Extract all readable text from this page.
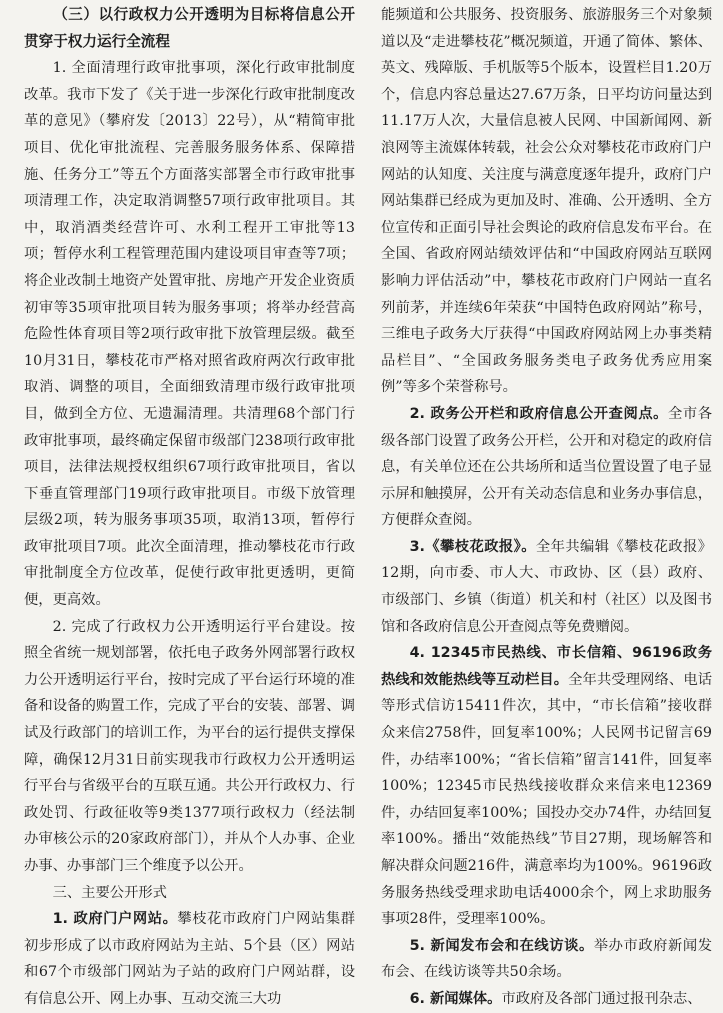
（三）以行政权力公开透明为目标将信息公开贯穿于权力运行全流程

1. 全面清理行政审批事项，深化行政审批制度改革。我市下发了《关于进一步深化行政审批制度改革的意见》（攀府发〔2013〕22号），从“精简审批项目、优化审批流程、完善服务服务体系、保障措施、任务分工”等五个方面落实部署全市行政审批事项清理工作，决定取消调整57项行政审批项目。其中，取消酒类经营许可、水利工程开工审批等13项；暂停水利工程管理范围内建设项目审查等7项；将企业改制土地资产处置审批、房地产开发企业资质初审等35项审批项目转为服务事项；将举办经营高危险性体育项目等2项行政审批下放管理层级。截至10月31日，攀枝花市严格对照省政府两次行政审批取消、调整的项目，全面细致清理市级行政审批项目，做到全方位、无遗漏清理。共清理68个部门行政审批事项，最终确定保留市级部门238项行政审批项目，法律法规授权组织67项行政审批项目，省以下垂直管理部门19项行政审批项目。市级下放管理层级2项，转为服务事项35项，取消13项，暂停行政审批项目7项。此次全面清理，推动攀枝花市行政审批制度全方位改革，促使行政审批更透明，更简便，更高效。

2. 完成了行政权力公开透明运行平台建设。按照全省统一规划部署，依托电子政务外网部署行政权力公开透明运行平台，按时完成了平台运行环境的准备和设备的购置工作，完成了平台的安装、部署、调试及行政部门的培训工作，为平台的运行提供支撑保障，确保12月31日前实现我市行政权力公开透明运行平台与省级平台的互联互通。共公开行政权力、行政处罚、行政征收等9类1377项行政权力（经法制办审核公示的20家政府部门），并从个人办事、企业办事、办事部门三个维度予以公开。

三、主要公开形式

1. 政府门户网站。攀枝花市政府门户网站集群初步形成了以市政府网站为主站、5个县（区）网站和67个市级部门网站为子站的政府门户网站群，设有信息公开、网上办事、互动交流三大功

能频道和公共服务、投资服务、旅游服务三个对象频道以及“走进攀枝花”概况频道，开通了简体、繁体、英文、残障版、手机版等5个版本，设置栏目1.20万个，信息内容总量达27.67万条，日平均访问量达到11.17万人次，大量信息被人民网、中国新闻网、新浪网等主流媒体转载，社会公众对攀枝花市政府门户网站的认知度、关注度与满意度逐年提升，政府门户网站集群已经成为更加及时、准确、公开透明、全方位宣传和正面引导社会舆论的政府信息发布平台。在全国、省政府网站绩效评估和“中国政府网站互联网影响力评估活动”中，攀枝花市政府门户网站一直名列前茅，并连续6年荣获“中国特色政府网站”称号，三维电子政务大厅获得“中国政府网站网上办事类精品栏目”、“全国政务服务类电子政务优秀应用案例”等多个荣誉称号。

2. 政务公开栏和政府信息公开查阅点。全市各级各部门设置了政务公开栏，公开和对稳定的政府信息，有关单位还在公共场所和适当位置设置了电子显示屏和触摸屏，公开有关动态信息和业务办事信息，方便群众查阅。

3.《攀枝花政报》。全年共编辑《攀枝花政报》12期，向市委、市人大、市政协、区（县）政府、市级部门、乡镇（街道）机关和村（社区）以及图书馆和各政府信息公开查阅点等免费赠阅。

4. 12345市民热线、市长信箱、96196政务热线和效能热线等互动栏目。全年共受理网络、电话等形式信访15411件次，其中，“市长信箱”接收群众来信2758件，回复率100%；人民网书记留言69件，办结率100%；“省长信箱”留言141件，回复率100%；12345市民热线接收群众来信来电12369件，办结回复率100%；国投办交办74件，办结回复率100%。播出“效能热线”节目27期，现场解答和解决群众问题216件，满意率均为100%。96196政务服务热线受理求助电话4000余个，网上求助服务事项28件，受理率100%。

5. 新闻发布会和在线访谈。举办市政府新闻发布会、在线访谈等共50余场。

6. 新闻媒体。市政府及各部门通过报刊杂志、
